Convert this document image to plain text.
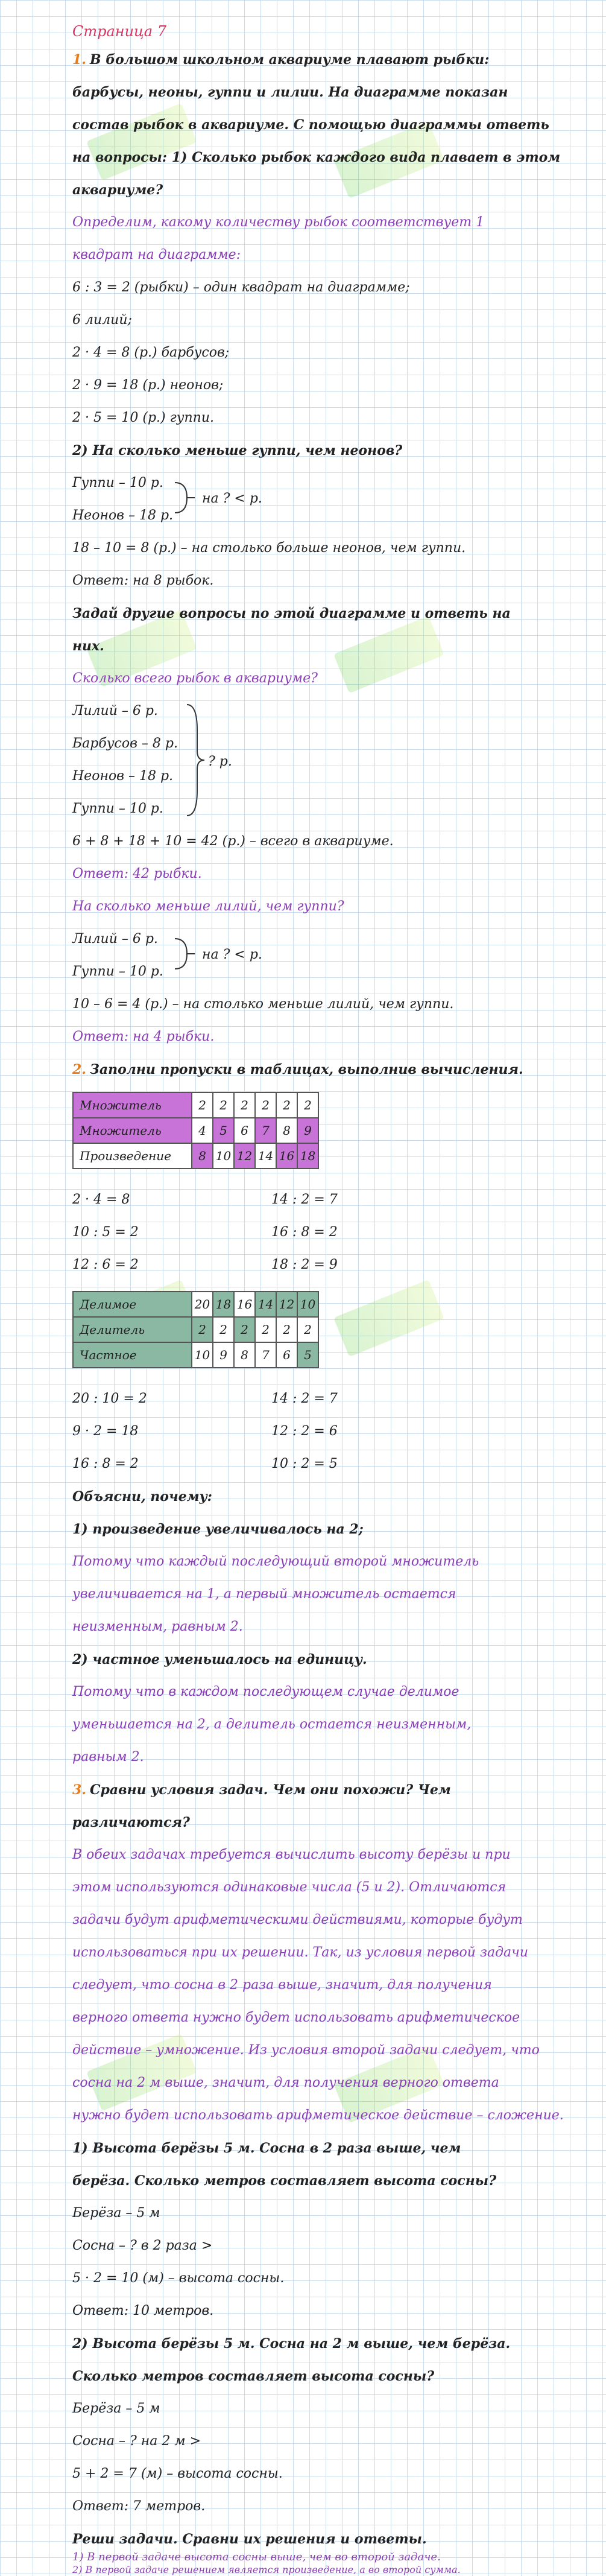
Страница 7
1. В большом школьном аквариуме плавают рыбки:
барбусы, неоны, гуппи и лилии. На диаграмме показан
состав рыбок в аквариуме. С помощью диаграммы ответь
на вопросы: 1) Сколько рыбок каждого вида плавает в этом
аквариуме?
Определим, какому количеству рыбок соответствует 1
квадрат на диаграмме:
6 : 3 = 2 (рыбки) – один квадрат на диаграмме;
6 лилий;
2 · 4 = 8 (р.) барбусов;
2 · 9 = 18 (р.) неонов;
2 · 5 = 10 (р.) гуппи.
2) На сколько меньше гуппи, чем неонов?
Гуппи – 10 р.
Неонов – 18 р.
на ? < р.
18 – 10 = 8 (р.) – на столько больше неонов, чем гуппи.
Ответ: на 8 рыбок.
Задай другие вопросы по этой диаграмме и ответь на
них.
Сколько всего рыбок в аквариуме?
Лилий – 6 р.
Барбусов – 8 р.
Неонов – 18 р.
Гуппи – 10 р.
? р.
6 + 8 + 18 + 10 = 42 (р.) – всего в аквариуме.
Ответ: 42 рыбки.
На сколько меньше лилий, чем гуппи?
Лилий – 6 р.
Гуппи – 10 р.
на ? < р.
10 – 6 = 4 (р.) – на столько меньше лилий, чем гуппи.
Ответ: на 4 рыбки.
2. Заполни пропуски в таблицах, выполнив вычисления.
Множитель	2	2	2	2	2	2
Множитель	4	5	6	7	8	9
Произведение	8	10	12	14	16	18
2 · 4 = 8
10 : 5 = 2
12 : 6 = 2
14 : 2 = 7
16 : 8 = 2
18 : 2 = 9
Делимое	20	18	16	14	12	10
Делитель	2	2	2	2	2	2
Частное	10	9	8	7	6	5
20 : 10 = 2
9 · 2 = 18
16 : 8 = 2
14 : 2 = 7
12 : 2 = 6
10 : 2 = 5
Объясни, почему:
1) произведение увеличивалось на 2;
Потому что каждый последующий второй множитель
увеличивается на 1, а первый множитель остается
неизменным, равным 2.
2) частное уменьшалось на единицу.
Потому что в каждом последующем случае делимое
уменьшается на 2, а делитель остается неизменным,
равным 2.
3. Сравни условия задач. Чем они похожи? Чем
различаются?
В обеих задачах требуется вычислить высоту берёзы и при
этом используются одинаковые числа (5 и 2). Отличаются
задачи будут арифметическими действиями, которые будут
использоваться при их решении. Так, из условия первой задачи
следует, что сосна в 2 раза выше, значит, для получения
верного ответа нужно будет использовать арифметическое
действие – умножение. Из условия второй задачи следует, что
сосна на 2 м выше, значит, для получения верного ответа
нужно будет использовать арифметическое действие – сложение.
1) Высота берёзы 5 м. Сосна в 2 раза выше, чем
берёза. Сколько метров составляет высота сосны?
Берёза – 5 м
Сосна – ? в 2 раза >
5 · 2 = 10 (м) – высота сосны.
Ответ: 10 метров.
2) Высота берёзы 5 м. Сосна на 2 м выше, чем берёза.
Сколько метров составляет высота сосны?
Берёза – 5 м
Сосна – ? на 2 м >
5 + 2 = 7 (м) – высота сосны.
Ответ: 7 метров.
Реши задачи. Сравни их решения и ответы.
1) В первой задаче высота сосны выше, чем во второй задаче.
2) В первой задаче решением является произведение, а во второй сумма.
